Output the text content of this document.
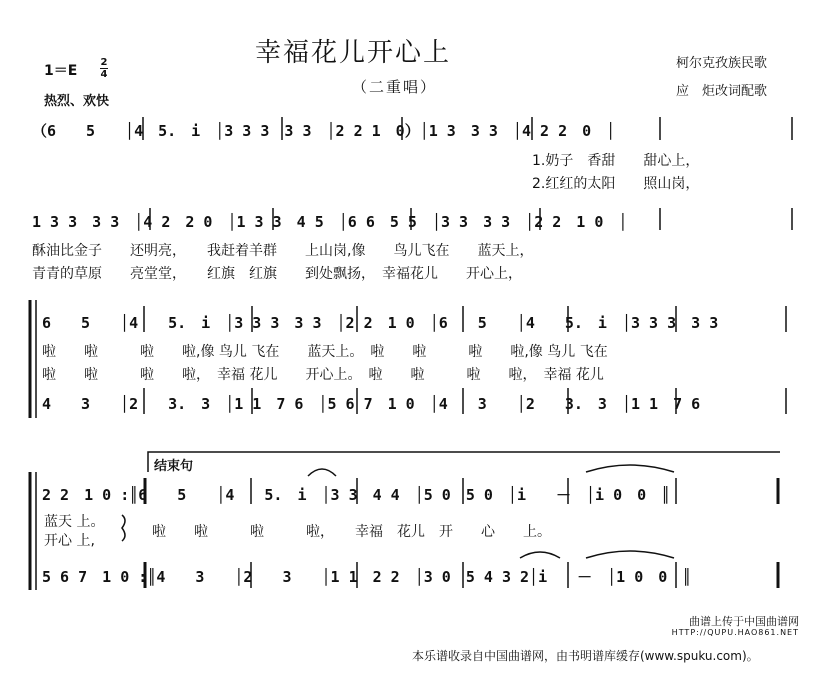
幸福花儿开心上
（二重唱）
1＝E
2
4
热烈、欢快
柯尔克孜族民歌
应　炬改词配歌
（6　　5　　│4　5.　i　│3 3 3　3 3　│2 2 1　0）│1 3　3 3　│4 2 2　0　│
1.奶子　香甜　　甜心上，
2.红红的太阳　　照山岗，
1 3 3　3 3　│4 2　2 0　│1 3 3　4 5　│6 6　5 5　│3 3　3 3　│2 2　1 0　│
酥油比金子　　还明亮，　　我赶着羊群　　上山岗,像　　鸟儿飞在　　蓝天上，
青青的草原　　亮堂堂，　　红旗　红旗　　到处飘扬，　幸福花儿　　开心上，
6　　5　　│4　　5.　i　│3 3 3　3 3　│2 2　1 0　│6　　5　　│4　　5.　i　│3 3 3　3 3
啦　　啦　　　啦　　啦,像 鸟儿 飞在　　蓝天上。　啦　　啦　　　啦　　啦,像 鸟儿 飞在
啦　　啦　　　啦　　啦，　幸福 花儿　　开心上。　啦　　啦　　　啦　　啦，　幸福 花儿
4　　3　　│2　　3.　3　│1 1　7 6　│5 6 7　1 0　│4　　3　　│2　　3.　3　│1 1　7 6
结束句
2 2　1 0 :║6　　5　　│4　　5.　i　│3 3　4 4　│5 0　5 0　│i　　－　│i 0　0　║
蓝天 上。
开心 上,
啦　　啦　　　啦　　　啦，　　幸福　花儿　开　　心　　上。
5 6 7　1 0 :║4　　3　　│2　　3　　│1 1　2 2　│3 0　5 4 3 2│i　　－　│1 0　0　║
曲谱上传于中国曲谱网
HTTP://QUPU.HAO861.NET
本乐谱收录自中国曲谱网，由书明谱库缓存(www.spuku.com)。
